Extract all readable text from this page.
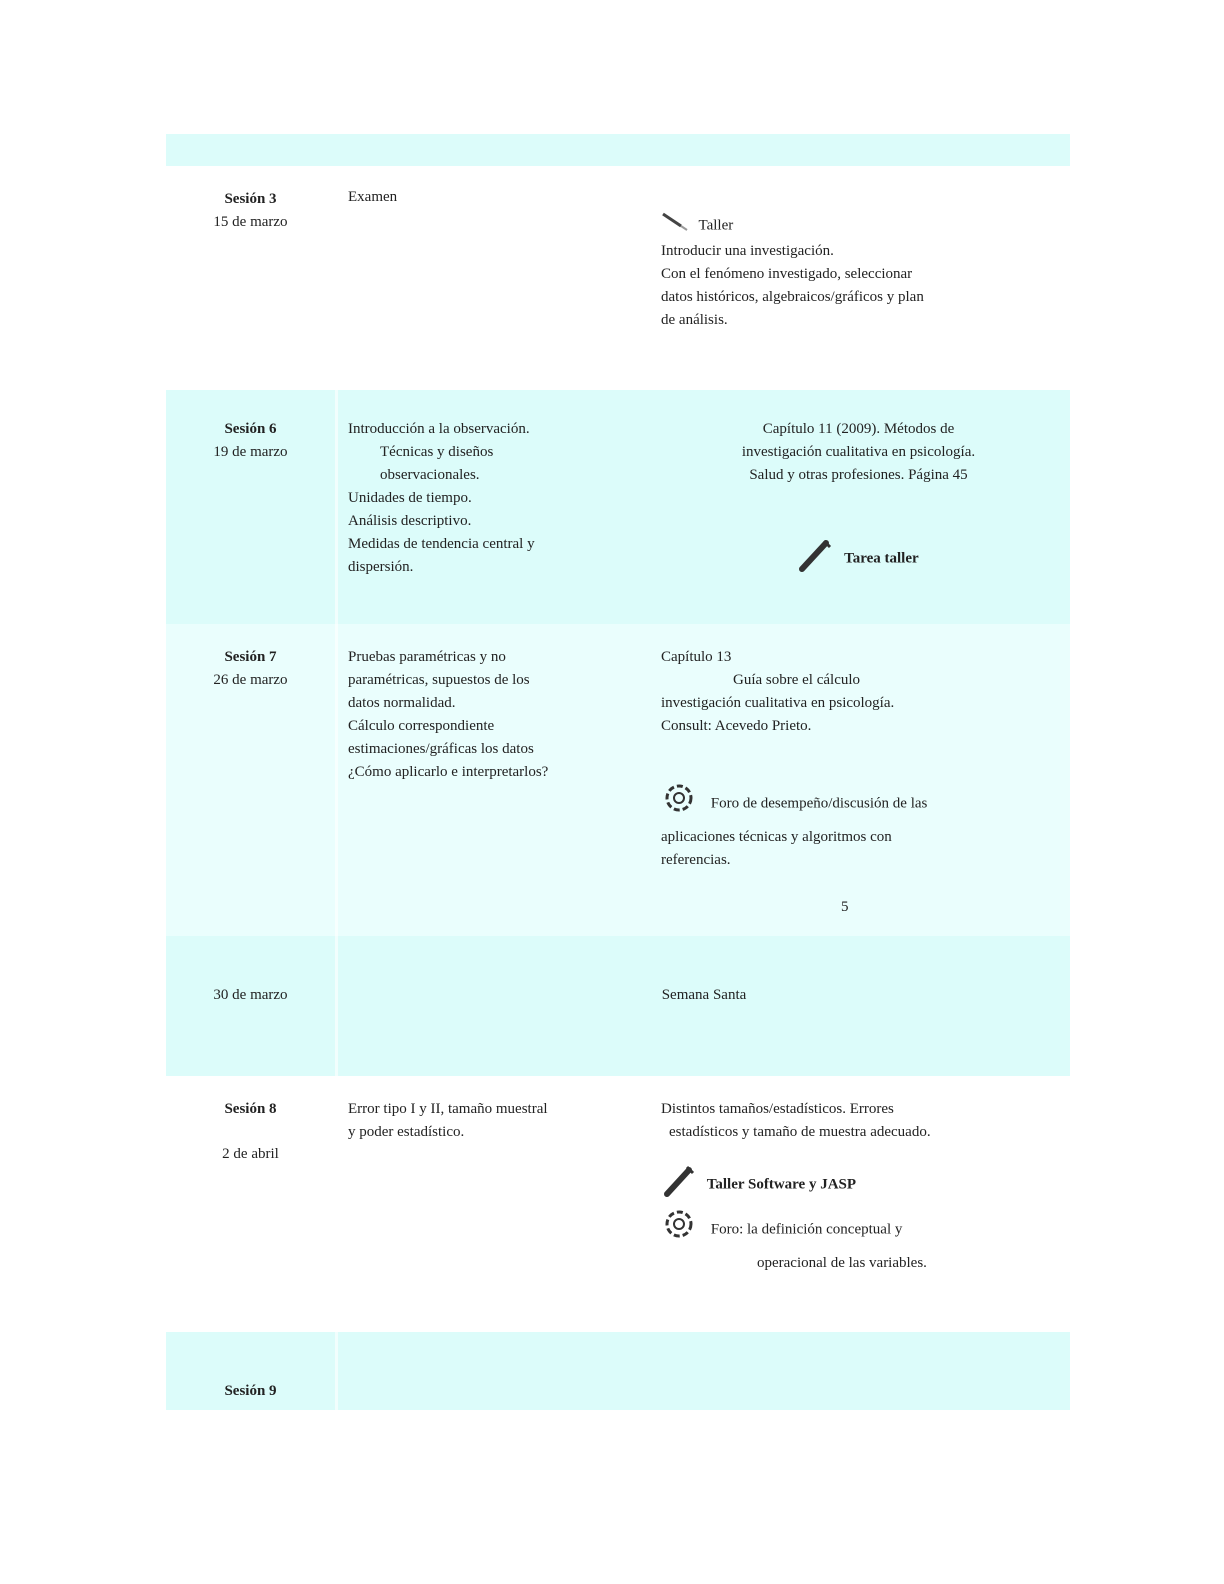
Sesión 3
15 de marzo
Examen
Taller
Introducir una investigación.
Con el fenómeno investigado, seleccionar
datos históricos, algebraicos/gráficos y plan
de análisis.
Sesión 6
19 de marzo
Introducción a la observación.
Técnicas y diseños
observacionales.
Unidades de tiempo.
Análisis descriptivo.
Medidas de tendencia central y
dispersión.
Capítulo 11 (2009). Métodos de
investigación cualitativa en psicología.
Salud y otras profesiones. Página 45
Tarea taller
Sesión 7
26 de marzo
Pruebas paramétricas y no
paramétricas, supuestos de los
datos normalidad.
Cálculo correspondiente
estimaciones/gráficas los datos
¿Cómo aplicarlo e interpretarlos?
Capítulo 13
Guía sobre el cálculo
investigación cualitativa en psicología.
Consult: Acevedo Prieto.
Foro de desempeño/discusión de las
aplicaciones técnicas y algoritmos con
referencias.
5
30 de marzo	Semana Santa
Sesión 8
2 de abril
Error tipo I y II, tamaño muestral
y poder estadístico.
Distintos tamaños/estadísticos. Errores
estadísticos y tamaño de muestra adecuado.
Taller Software y JASP
Foro: la definición conceptual y
operacional de las variables.
Sesión 9
